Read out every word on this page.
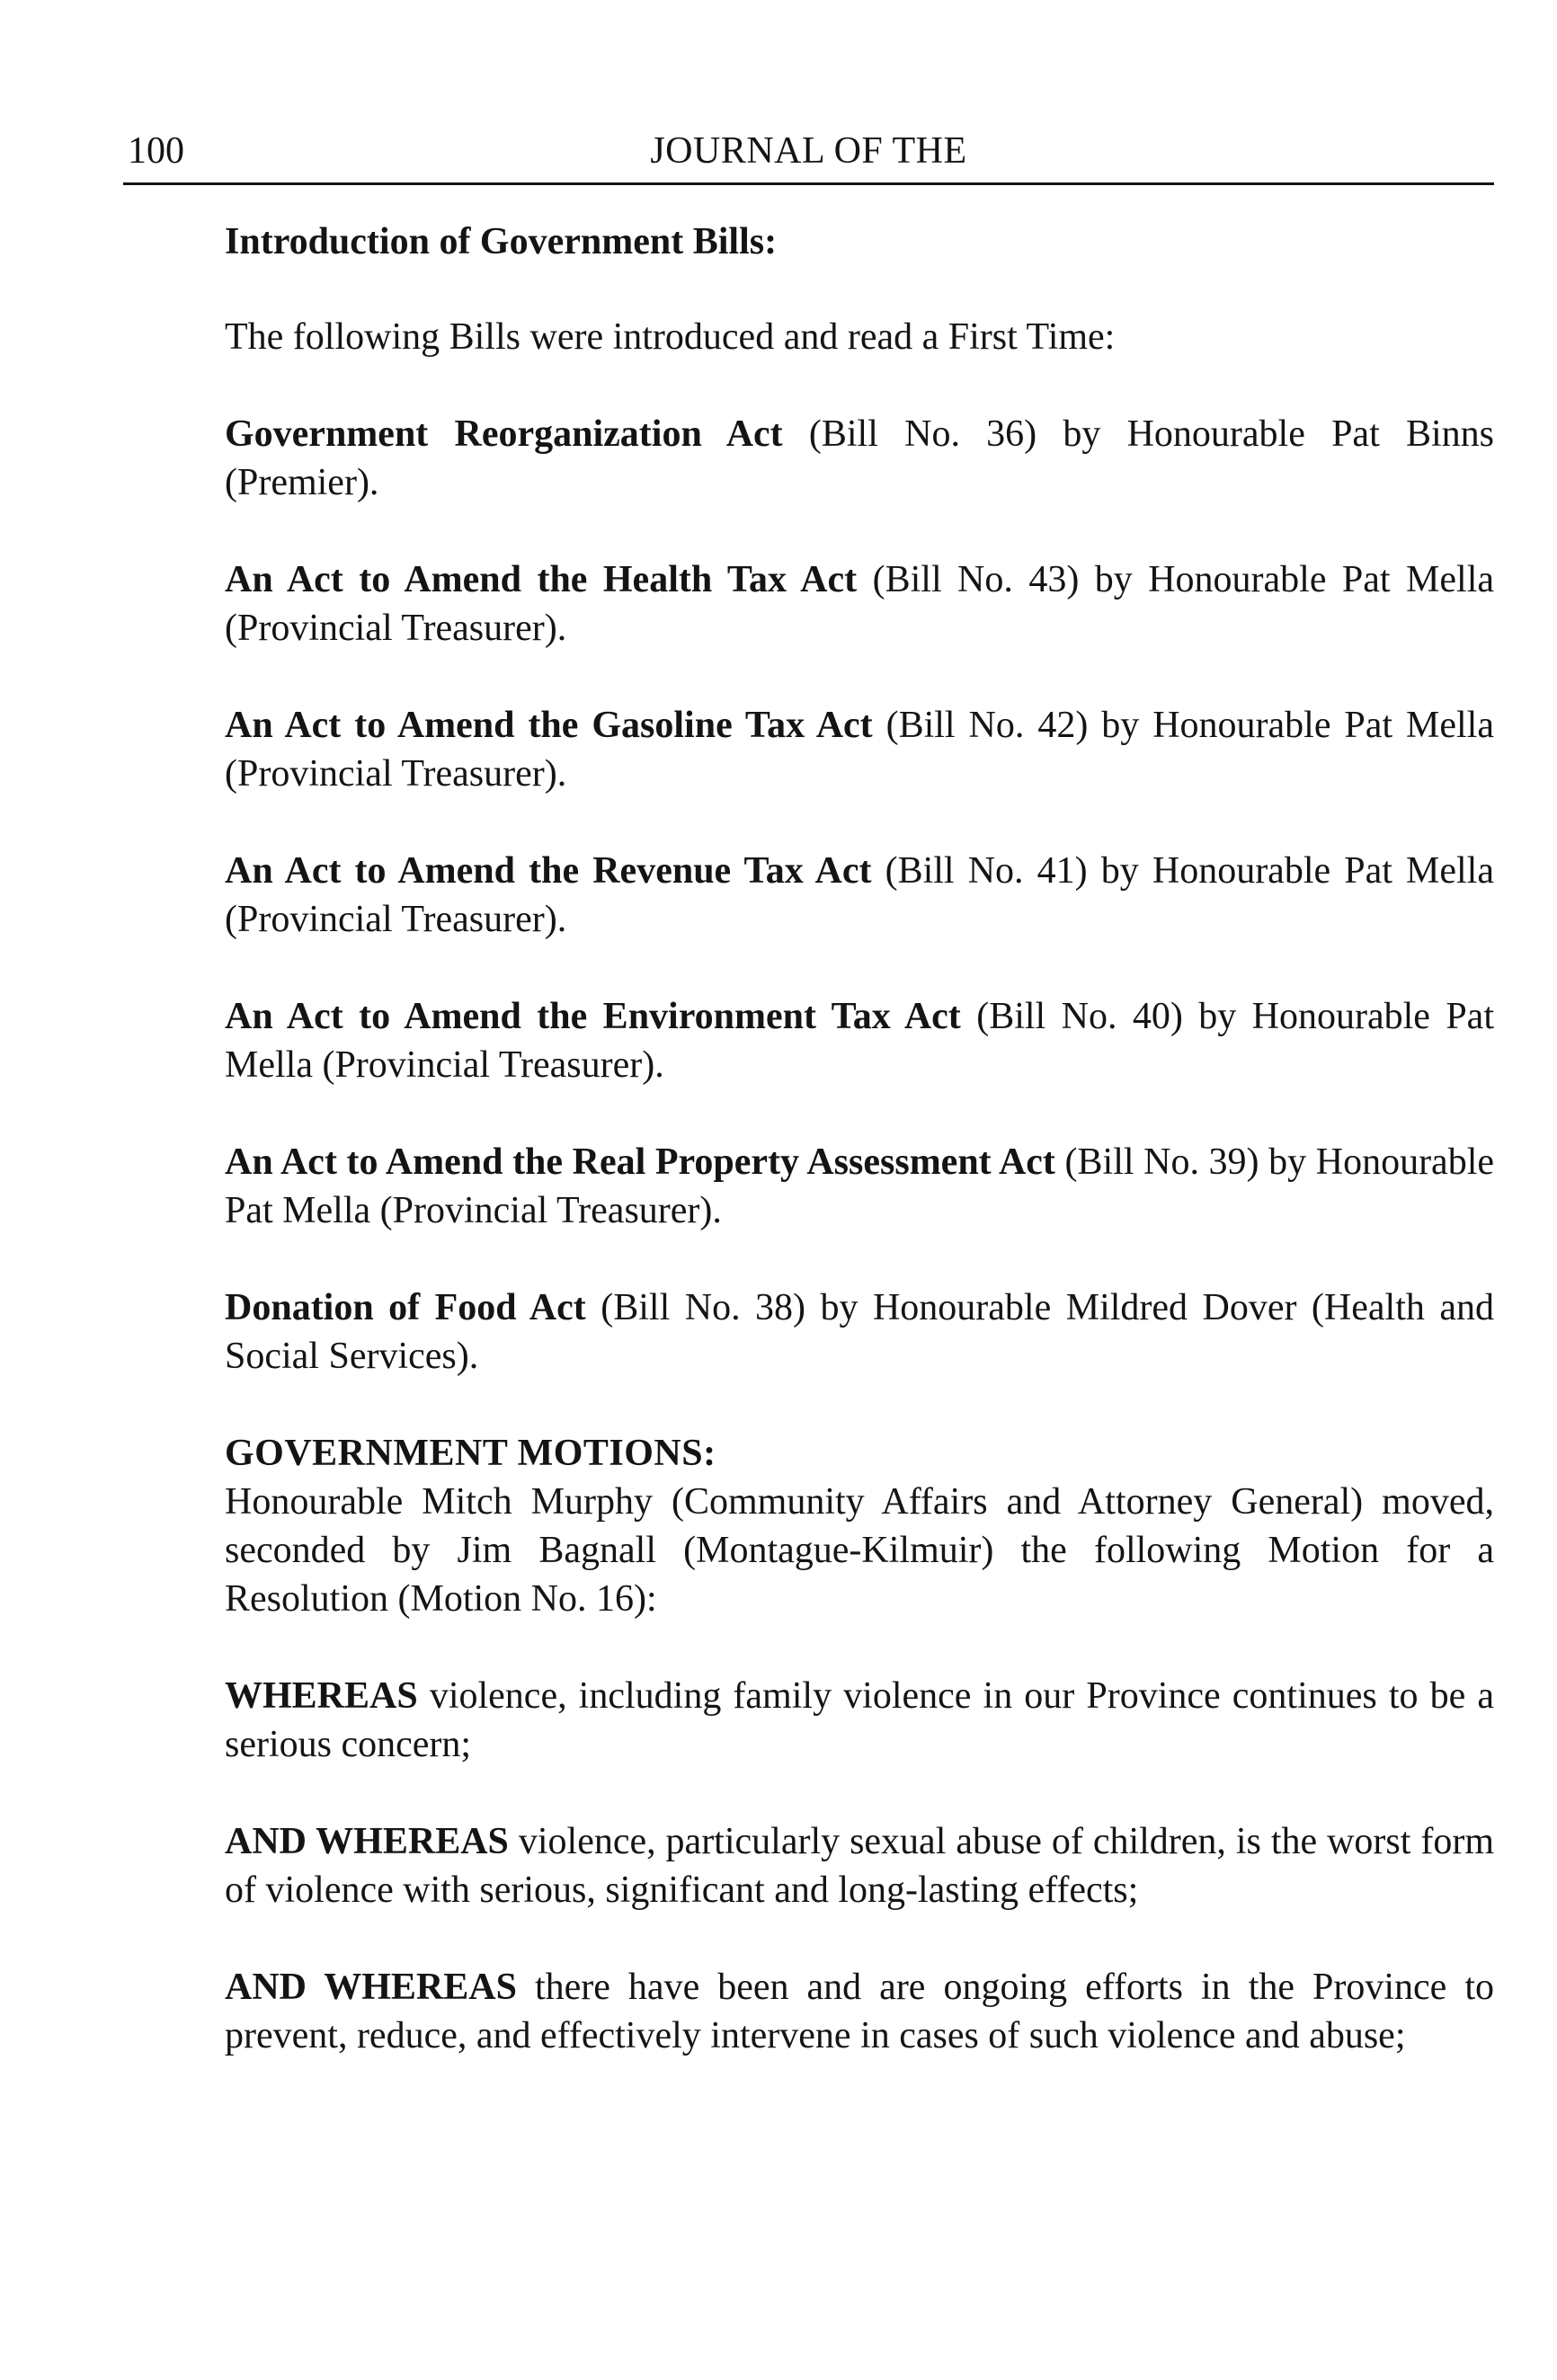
100	JOURNAL OF THE

Introduction of Government Bills:

The following Bills were introduced and read a First Time:

Government Reorganization Act (Bill No. 36) by Honourable Pat Binns (Premier).

An Act to Amend the Health Tax Act (Bill No. 43) by Honourable Pat Mella (Provincial Treasurer).

An Act to Amend the Gasoline Tax Act (Bill No. 42) by Honourable Pat Mella (Provincial Treasurer).

An Act to Amend the Revenue Tax Act (Bill No. 41) by Honourable Pat Mella (Provincial Treasurer).

An Act to Amend the Environment Tax Act (Bill No. 40) by Honourable Pat Mella (Provincial Treasurer).

An Act to Amend the Real Property Assessment Act (Bill No. 39) by Honourable Pat Mella (Provincial Treasurer).

Donation of Food Act (Bill No. 38) by Honourable Mildred Dover (Health and Social Services).

GOVERNMENT MOTIONS:

Honourable Mitch Murphy (Community Affairs and Attorney General) moved, seconded by Jim Bagnall (Montague-Kilmuir) the following Motion for a Resolution (Motion No. 16):

WHEREAS violence, including family violence in our Province continues to be a serious concern;

AND WHEREAS violence, particularly sexual abuse of children, is the worst form of violence with serious, significant and long-lasting effects;

AND WHEREAS there have been and are ongoing efforts in the Province to prevent, reduce, and effectively intervene in cases of such violence and abuse;
